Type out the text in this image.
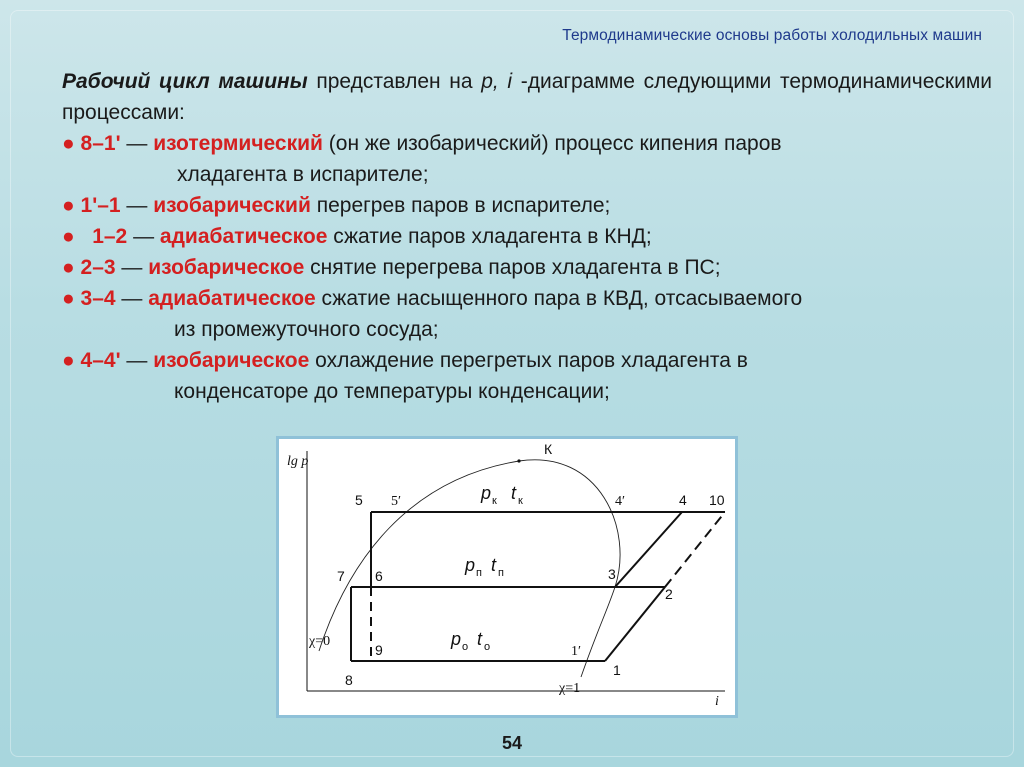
Термодинамические основы работы холодильных машин

Рабочий цикл машины представлен на p, i -диаграмме следующими термодинамическими процессами:

● 8–1' — изотермический (он же изобарический) процесс кипения паров
хладагента в испарителе;

● 1'–1 — изобарический перегрев паров в испарителе;

●   1–2 — адиабатическое сжатие паров хладагента в КНД;

● 2–3 — изобарическое снятие перегрева паров хладагента в ПС;

● 3–4 — адиабатическое сжатие насыщенного пара в КВД, отсасываемого
из промежуточного сосуда;

● 4–4' — изобарическое охлаждение перегретых паров хладагента в
конденсаторе до температуры конденсации;

lg p
i
К
5 5′	4′	4 10
7 6	3
2
9	1′
1
8
χ=0
χ=1
p к t к
p п t п
p о t о
54
